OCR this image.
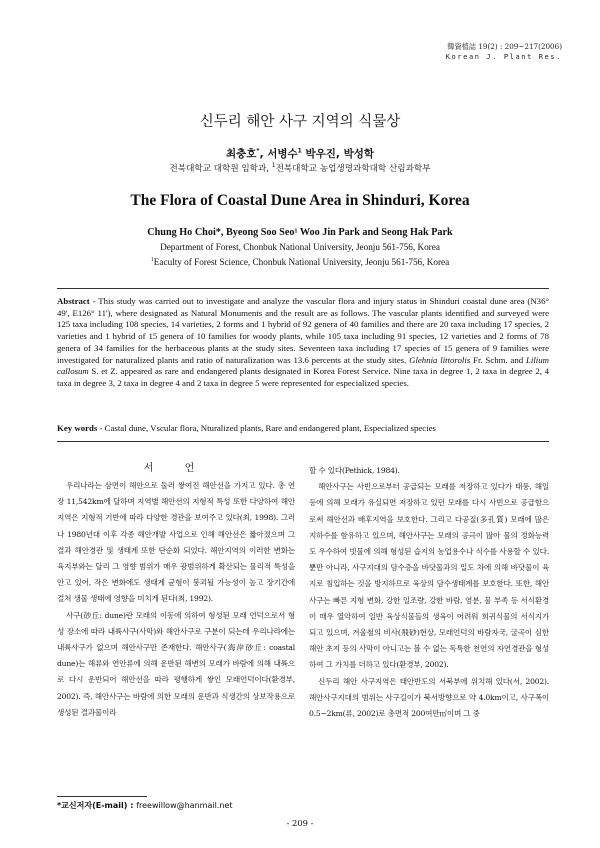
韓資植誌 19(2) : 209~217(2006)
Korean J. Plant Res.
신두리 해안 사구 지역의 식물상
최충호*, 서병수$^1$ 박우진, 박성학
전북대학교 대학원 임학과, $^1$전북대학교 농업생명과학대학 산림과학부
The Flora of Coastal Dune Area in Shinduri, Korea
Chung Ho Choi*, Byeong Soo Seo¹ Woo Jin Park and Seong Hak Park
Department of Forest, Chonbuk National University, Jeonju 561-756, Korea
$^1$Eaculty of Forest Science, Chonbuk National University, Jeonju 561-756, Korea
Abstract - This study was carried out to investigate and analyze the vascular flora and injury status in Shinduri coastal dune area (N36° 49', E126° 11'), where designated as Natural Monuments and the result are as follows. The vascular plants identified and surveyed were 125 taxa including 108 species, 14 varieties, 2 forms and 1 hybrid of 92 genera of 40 families and there are 20 taxa including 17 species, 2 varieties and 1 hybrid of 15 genera of 10 families for woody plants, while 105 taxa including 91 species, 12 varieties and 2 forms of 78 genera of 34 families for the herbaceous plants at the study sites. Seventeen taxa including 17 species of 15 genera of 9 families were investigated for naturalized plants and ratio of naturalization was 13.6 percents at the study sites. Glehnia littorolis Fr. Schm. and Lilium callosum S. et Z. appeared as rare and endangered plants designated in Korea Forest Service. Nine taxa in degree 1, 2 taxa in degree 2, 4 taxa in degree 3, 2 taxa in degree 4 and 2 taxa in degree 5 were represented for especialized species.
Key words - Castal dune, Vscular flora, Nturalized plants, Rare and endangered plant, Especialized species
서 언

우리나라는 삼면이 해안으로 둘러 쌓여진 해안선을 가지고 있다. 총 연장 11,542km에 달하며 지역별 해안선의 지형적 특성 또한 다양하여 해안지역은 지형적 기반에 따라 다양한 경관을 보여주고 있다(최, 1998). 그러나 1980년대 이후 각종 해안개발 사업으로 인해 해안선은 짧아졌으며 그 결과 해안경관 및 생태계 또한 단순화 되었다. 해안지역의 이러한 변화는 육지부와는 달리 그 영향 범위가 매우 광범위하게 확산되는 물리적 특성을 안고 있어, 작은 변화에도 생태계 균형이 붕괴될 가능성이 높고 장기간에 걸쳐 생물 생태에 영향을 미치게 된다(최, 1992).

사구(砂丘: dune)란 모래의 이동에 의하여 형성된 모래 언덕으로서 형성 장소에 따라 내륙사구(사막)와 해안사구로 구분이 되는데 우리나라에는 내륙사구가 없으며 해안사구만 존재한다. 해안사구(海岸砂丘: coastal dune)는 해류와 연안류에 의해 운반된 해변의 모래가 바람에 의해 내륙으로 다시 운반되어 해안선을 따라 평행하게 쌓인 모래언덕이다(환경부, 2002). 즉, 해안사구는 바람에 의한 모래의 운반과 식생간의 상보작용으로 생성된 결과물이라

할 수 있다(Pethick, 1984).

해안사구는 사빈으로부터 공급되는 모래를 저장하고 있다가 태풍, 해일 등에 의해 모래가 유실되면 저장하고 있던 모래를 다시 사빈으로 공급함으로써 해안선과 배후지역을 보호한다. 그리고 다공질(多孔質) 모래에 많은 지하수를 함유하고 있으며, 해안사구는 모래의 공극이 많아 물의 정화능력도 우수하여 빗물에 의해 형성된 습지의 농업용수나 식수를 사용할 수 있다. 뿐만 아니라, 사구지대의 담수층을 바닷물과의 밀도 차에 의해 바닷물이 육지로 침입하는 것을 방지하므로 육상의 담수생태계를 보호한다. 또한, 해안사구는 빠른 지형 변화, 강한 일조량, 강한 바람, 염분, 물 부족 등 서식환경이 매우 열악하여 일반 육상식물들의 생육이 어려워 희귀식물의 서식지가 되고 있으며, 겨울철의 비사(飛砂)현상, 모래언덕의 바람자국, 굴곡이 심한 해안 초지 등의 사막이 아니고는 볼 수 없는 독특한 천연의 자연경관을 형성하여 그 가치를 더하고 있다(환경부, 2002).

신두리 해안 사구지역은 태안반도의 서북부에 위치해 있다(서, 2002). 해안사구지대의 범위는 사구길이가 북서방향으로 약 4.0km이고, 사구폭이 0.5~2km(류, 2002)로 총면적 200여만㎡이며 그 중

*교신저자(E-mail) : freewillow@hanmail.net
- 209 -
